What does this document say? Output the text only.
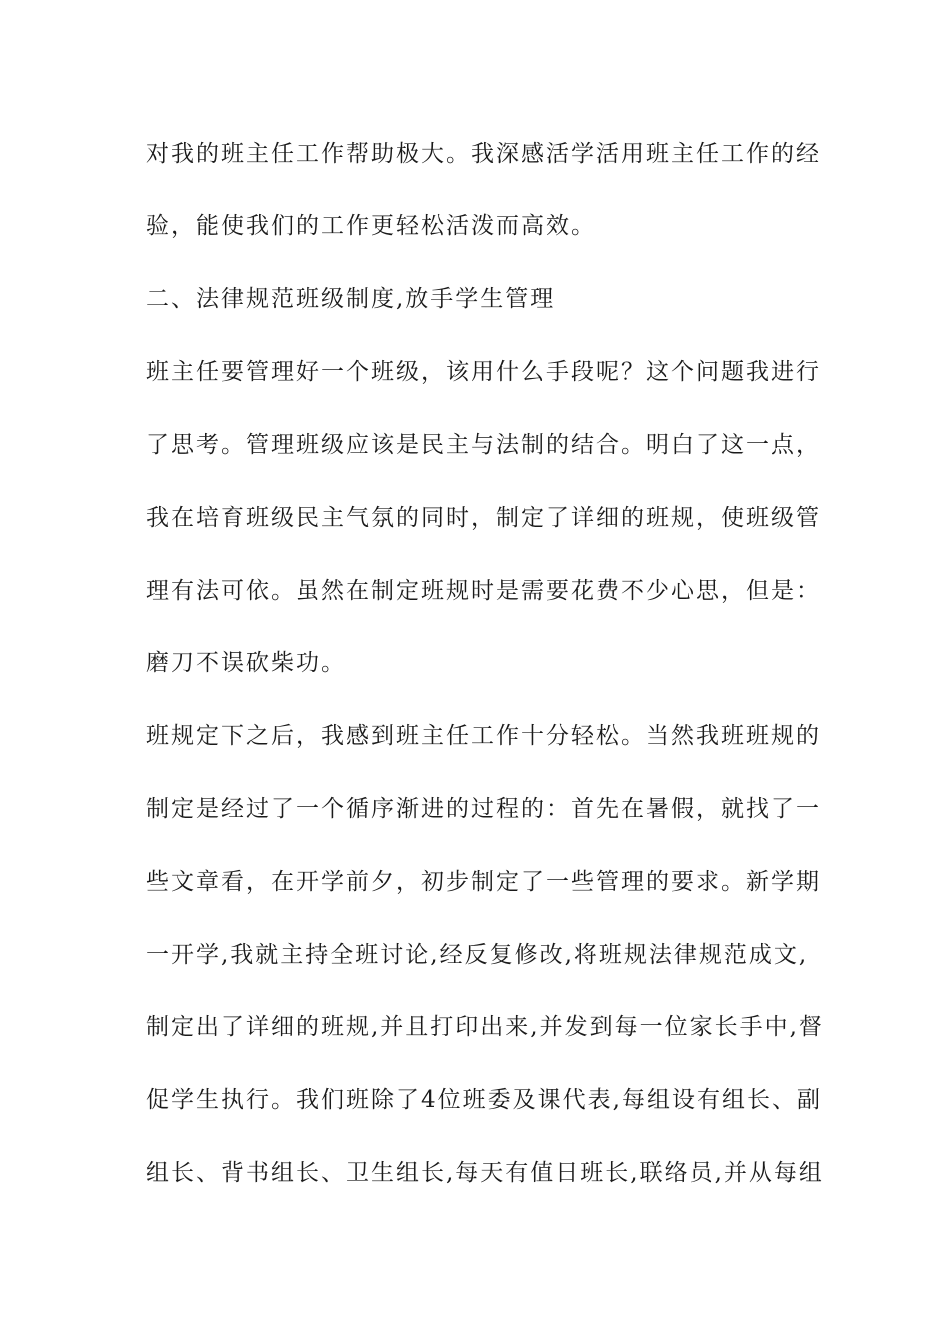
对我的班主任工作帮助极大。我深感活学活用班主任工作的经
验，能使我们的工作更轻松活泼而高效。
二、法律规范班级制度,放手学生管理
班主任要管理好一个班级，该用什么手段呢？这个问题我进行
了思考。管理班级应该是民主与法制的结合。明白了这一点，
我在培育班级民主气氛的同时，制定了详细的班规，使班级管
理有法可依。虽然在制定班规时是需要花费不少心思，但是：
磨刀不误砍柴功。
班规定下之后，我感到班主任工作十分轻松。当然我班班规的
制定是经过了一个循序渐进的过程的：首先在暑假，就找了一
些文章看，在开学前夕，初步制定了一些管理的要求。新学期
一开学,我就主持全班讨论,经反复修改,将班规法律规范成文,
制定出了详细的班规,并且打印出来,并发到每一位家长手中,督
促学生执行。我们班除了4位班委及课代表,每组设有组长、副
组长、背书组长、卫生组长,每天有值日班长,联络员,并从每组
